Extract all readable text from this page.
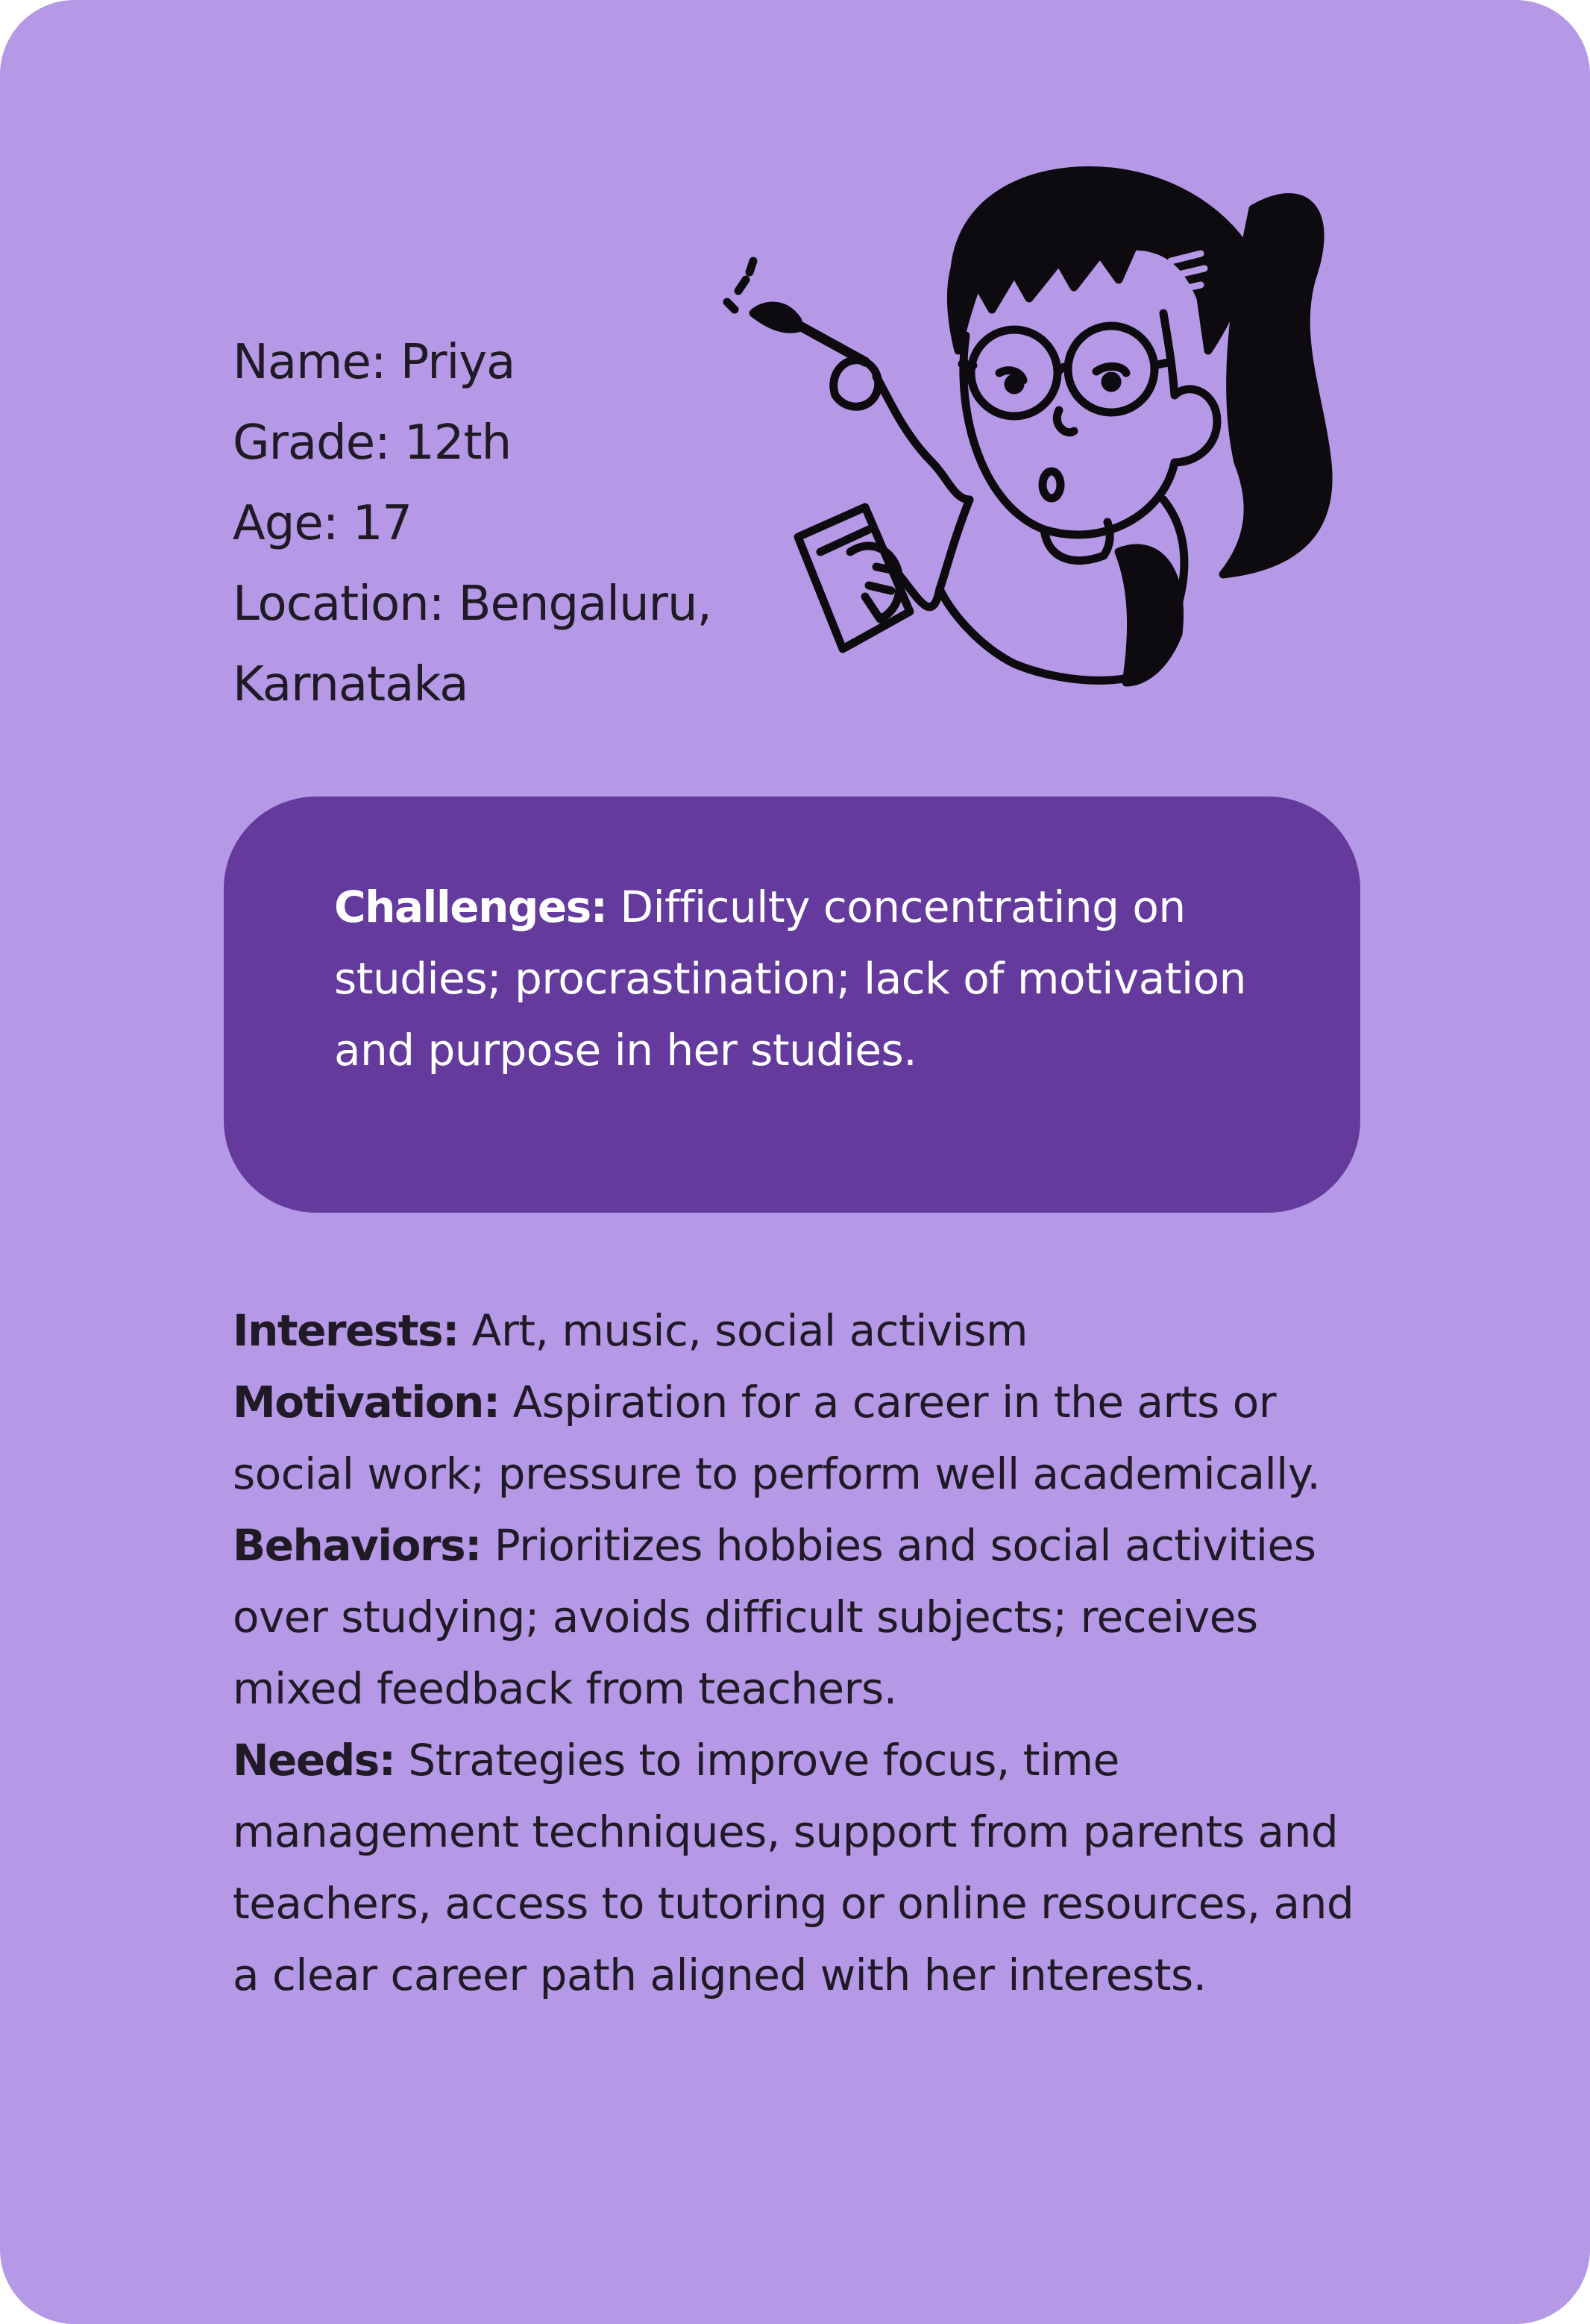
Name: Priya
Grade: 12th
Age: 17
Location: Bengaluru,
Karnataka
Challenges: Difficulty concentrating on studies; procrastination; lack of motivation and purpose in her studies.

Interests: Art, music, social activism

Motivation: Aspiration for a career in the arts or social work; pressure to perform well academically.

Behaviors: Prioritizes hobbies and social activities over studying; avoids difficult subjects; receives mixed feedback from teachers.

Needs: Strategies to improve focus, time management techniques, support from parents and teachers, access to tutoring or online resources, and a clear career path aligned with her interests.
